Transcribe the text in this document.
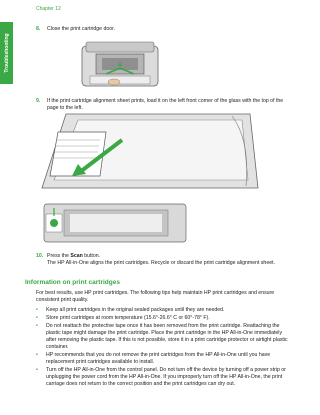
Chapter 12
Troubleshooting
8.	Close the print cartridge door.
9.	If the print cartridge alignment sheet prints, load it on the left front corner of the glass with the top of the page to the left.
10. Press the Scan button.
The HP All-in-One aligns the print cartridges. Recycle or discard the print cartridge alignment sheet.
Information on print cartridges
For best results, use HP print cartridges. The following tips help maintain HP print cartridges and ensure consistent print quality.
• Keep all print cartridges in the original sealed packages until they are needed.
• Store print cartridges at room temperature (15.6°-26.6° C or 60°-78° F).
• Do not reattach the protective tape once it has been removed from the print cartridge. Reattaching the plastic tape might damage the print cartridge. Place the print cartridge in the HP All-in-One immediately after removing the plastic tape. If this is not possible, store it in a print cartridge protector or airtight plastic container.
• HP recommends that you do not remove the print cartridges from the HP All-in-One until you have replacement print cartridges available to install.
• Turn off the HP All-in-One from the control panel. Do not turn off the device by turning off a power strip or unplugging the power cord from the HP All-in-One. If you improperly turn off the HP All-in-One, the print carriage does not return to the correct position and the print cartridges can dry out.
